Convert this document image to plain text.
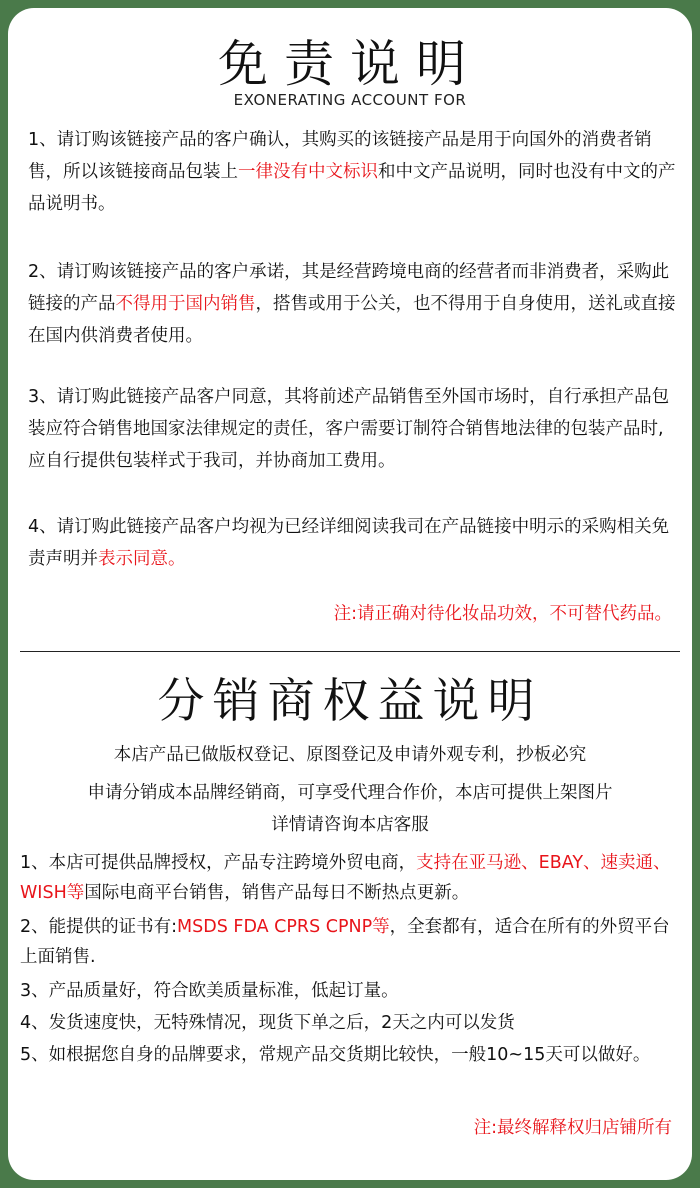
免责说明
EXONERATING ACCOUNT FOR

1、请订购该链接产品的客户确认，其购买的该链接产品是用于向国外的消费者销售，所以该链接商品包装上一律没有中文标识和中文产品说明，同时也没有中文的产品说明书。

2、请订购该链接产品的客户承诺，其是经营跨境电商的经营者而非消费者，采购此链接的产品不得用于国内销售，搭售或用于公关，也不得用于自身使用，送礼或直接在国内供消费者使用。

3、请订购此链接产品客户同意，其将前述产品销售至外国市场时，自行承担产品包装应符合销售地国家法律规定的责任，客户需要订制符合销售地法律的包装产品时,应自行提供包装样式于我司，并协商加工费用。

4、请订购此链接产品客户均视为已经详细阅读我司在产品链接中明示的采购相关免责声明并表示同意。

注:请正确对待化妆品功效，不可替代药品。
分销商权益说明
本店产品已做版权登记、原图登记及申请外观专利，抄板必究
申请分销成本品牌经销商，可享受代理合作价，本店可提供上架图片
详情请咨询本店客服

1、本店可提供品牌授权，产品专注跨境外贸电商，支持在亚马逊、EBAY、速卖通、WISH等国际电商平台销售，销售产品每日不断热点更新。

2、能提供的证书有:MSDS FDA CPRS CPNP等，全套都有，适合在所有的外贸平台上面销售.

3、产品质量好，符合欧美质量标准，低起订量。

4、发货速度快，无特殊情况，现货下单之后，2天之内可以发货

5、如根据您自身的品牌要求，常规产品交货期比较快，一般10~15天可以做好。

注:最终解释权归店铺所有
